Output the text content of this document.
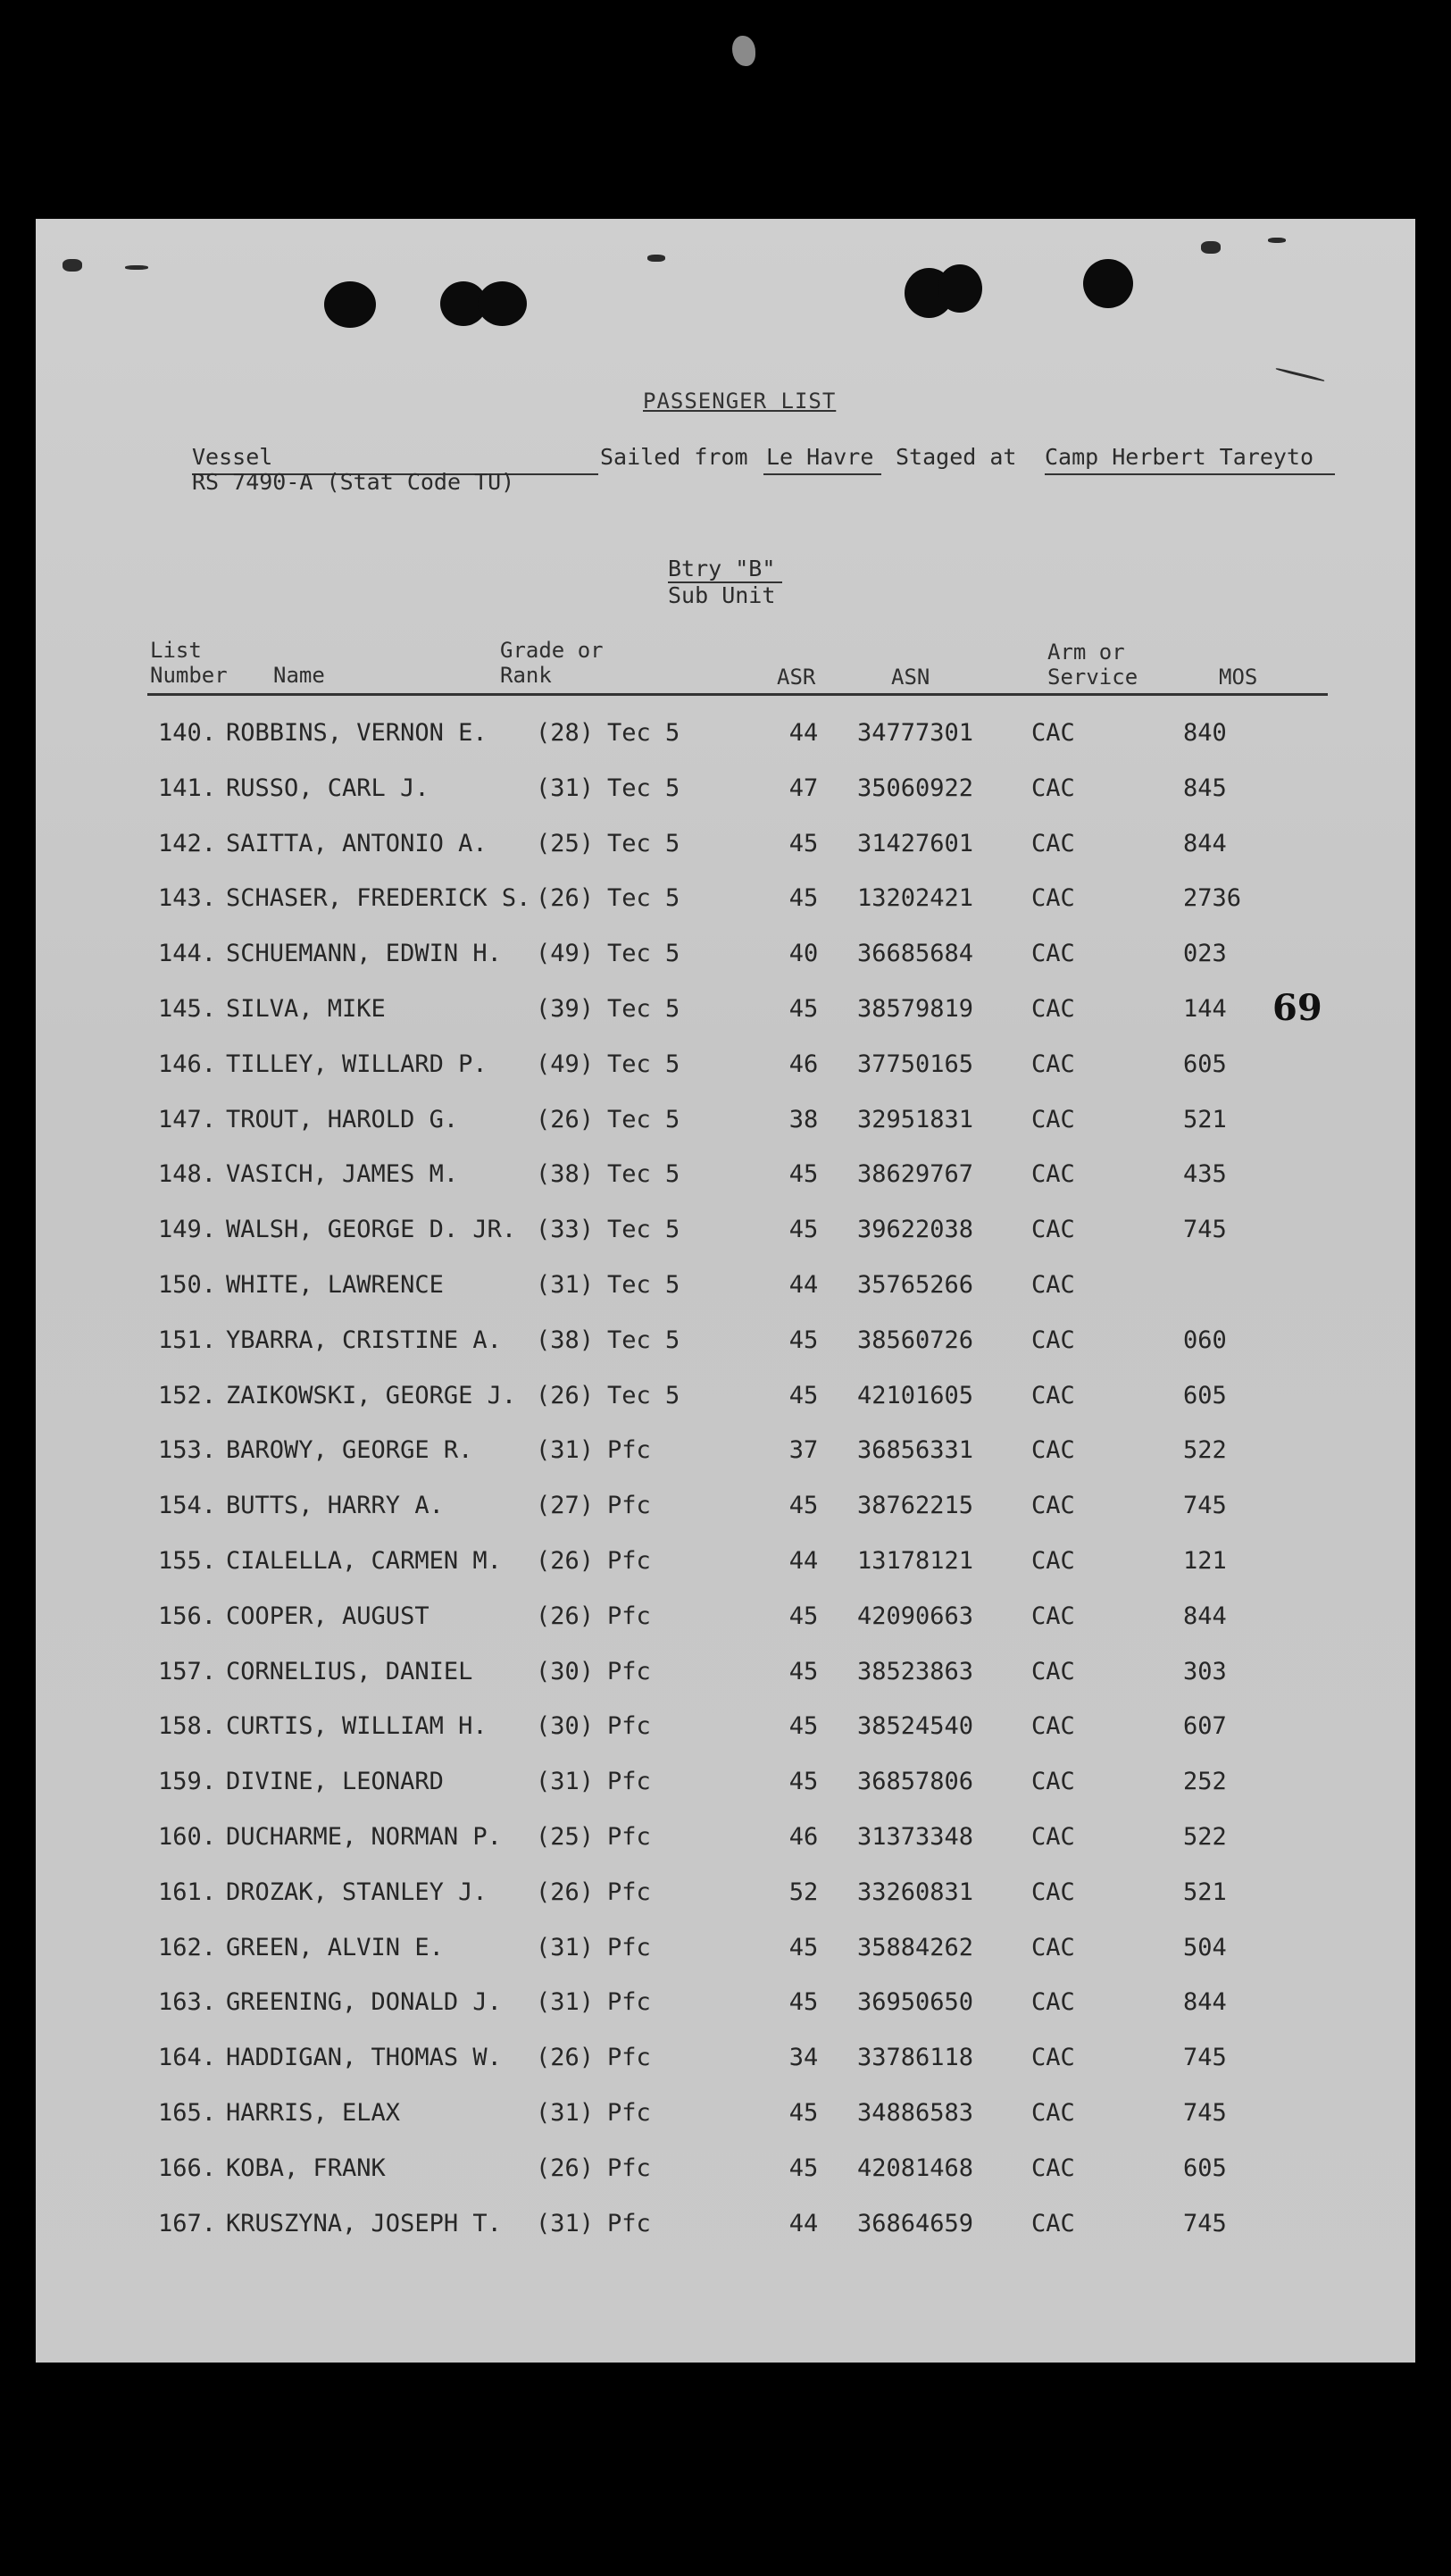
PASSENGER LIST
Vessel	Sailed from Le Havre Staged at Camp Herbert Tareyto
RS 7490-A (Stat Code TU)
Btry "B"
Sub Unit
List
Number Name
Grade or
Rank	ASR	ASN
Arm or
Service	MOS
140. ROBBINS, VERNON E. (28) Tec 5	44	34777301 CAC	840
141. RUSSO, CARL J.	(31) Tec 5	47	35060922 CAC	845
142. SAITTA, ANTONIO A. (25) Tec 5	45	31427601 CAC	844
143. SCHASER, FREDERICK S. (26) Tec 5	45	13202421 CAC	2736
144. SCHUEMANN, EDWIN H. (49) Tec 5	40	36685684 CAC	023
145. SILVA, MIKE	(39) Tec 5	45	38579819 CAC	144
146. TILLEY, WILLARD P. (49) Tec 5	46	37750165 CAC	605
147. TROUT, HAROLD G.	(26) Tec 5	38	32951831 CAC	521
148. VASICH, JAMES M.	(38) Tec 5	45	38629767 CAC	435
149. WALSH, GEORGE D. JR. (33) Tec 5	45	39622038 CAC	745
150. WHITE, LAWRENCE	(31) Tec 5	44	35765266 CAC
151. YBARRA, CRISTINE A. (38) Tec 5	45	38560726 CAC	060
152. ZAIKOWSKI, GEORGE J. (26) Tec 5	45	42101605 CAC	605
153. BAROWY, GEORGE R.	(31) Pfc	37	36856331 CAC	522
154. BUTTS, HARRY A.	(27) Pfc	45	38762215 CAC	745
155. CIALELLA, CARMEN M. (26) Pfc	44	13178121 CAC	121
156. COOPER, AUGUST	(26) Pfc	45	42090663 CAC	844
157. CORNELIUS, DANIEL	(30) Pfc	45	38523863 CAC	303
158. CURTIS, WILLIAM H. (30) Pfc	45	38524540 CAC	607
159. DIVINE, LEONARD	(31) Pfc	45	36857806 CAC	252
160. DUCHARME, NORMAN P. (25) Pfc	46	31373348 CAC	522
161. DROZAK, STANLEY J. (26) Pfc	52	33260831 CAC	521
162. GREEN, ALVIN E.	(31) Pfc	45	35884262 CAC	504
163. GREENING, DONALD J. (31) Pfc	45	36950650 CAC	844
164. HADDIGAN, THOMAS W. (26) Pfc	34	33786118 CAC	745
165. HARRIS, ELAX	(31) Pfc	45	34886583 CAC	745
166. KOBA, FRANK	(26) Pfc	45	42081468 CAC	605
167. KRUSZYNA, JOSEPH T. (31) Pfc	44	36864659 CAC	745
69
